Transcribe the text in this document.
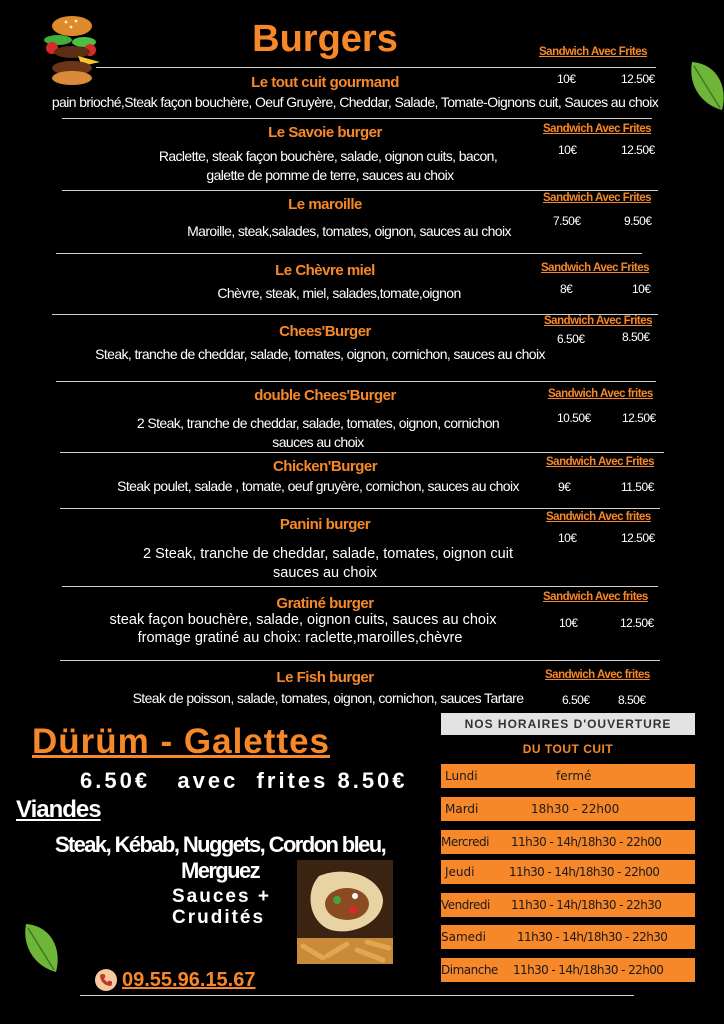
Burgers	Sandwich Avec Frites
Le tout cuit gourmand	10€	12.50€
pain brioché,Steak façon bouchère, Oeuf Gruyère, Cheddar, Salade, Tomate-Oignons cuit, Sauces au choix
Sandwich Avec Frites
Le Savoie burger
10€	12.50€
Raclette, steak façon bouchère, salade, oignon cuits, bacon,
galette de pomme de terre, sauces au choix
Sandwich Avec Frites
Le maroille
7.50€	9.50€
Maroille, steak,salades, tomates, oignon, sauces au choix
Sandwich Avec Frites
Le Chèvre miel
8€	10€
Chèvre, steak, miel, salades,tomate,oignon
Sandwich Avec Frites
Chees'Burger	6.50€	8.50€
Steak, tranche de cheddar, salade, tomates, oignon, cornichon, sauces au choix
Sandwich Avec frites
double Chees'Burger
10.50€	12.50€
2 Steak, tranche de cheddar, salade, tomates, oignon, cornichon
sauces au choix
Sandwich Avec Frites
Chicken'Burger
9€	11.50€
Steak poulet, salade , tomate, oeuf gruyère, cornichon, sauces au choix
Sandwich Avec frites
Panini burger
10€	12.50€
2 Steak, tranche de cheddar, salade, tomates, oignon cuit
sauces au choix
Sandwich Avec frites
Gratiné burger
10€	12.50€
steak façon bouchère, salade, oignon cuits, sauces au choix
fromage gratiné au choix: raclette,maroilles,chèvre
Sandwich Avec frites
Le Fish burger
6.50€ 8.50€
Steak de poisson, salade, tomates, oignon, cornichon, sauces Tartare
Dürüm - Galettes
6.50€   avec  frites 8.50€
Viandes
Steak, Kébab, Nuggets, Cordon bleu,
Merguez
Sauces +
Crudités
09.55.96.15.67
NOS HORAIRES D'OUVERTURE
DU TOUT CUIT
Lundi	fermé
Mardi	18h30 - 22h00
Mercredi 11h30 - 14h/18h30 - 22h00
Jeudi	11h30 - 14h/18h30 - 22h00
Vendredi 11h30 - 14h/18h30 - 22h30
Samedi	11h30 - 14h/18h30 - 22h30
Dimanche 11h30 - 14h/18h30 - 22h00
